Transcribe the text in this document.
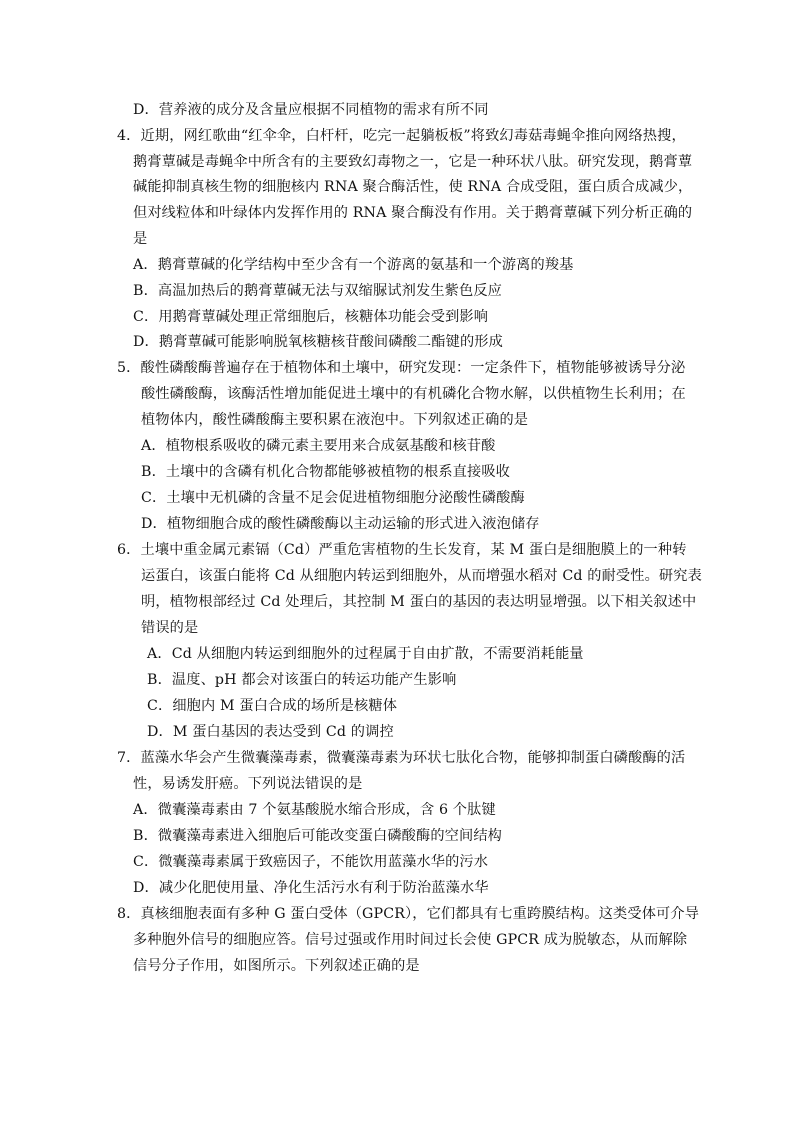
D．营养液的成分及含量应根据不同植物的需求有所不同
4．近期，网红歌曲“红伞伞，白杆杆，吃完一起躺板板”将致幻毒菇毒蝇伞推向网络热搜，
鹅膏蕈碱是毒蝇伞中所含有的主要致幻毒物之一，它是一种环状八肽。研究发现，鹅膏蕈
碱能抑制真核生物的细胞核内 RNA 聚合酶活性，使 RNA 合成受阻，蛋白质合成减少，
但对线粒体和叶绿体内发挥作用的 RNA 聚合酶没有作用。关于鹅膏蕈碱下列分析正确的
是
A．鹅膏蕈碱的化学结构中至少含有一个游离的氨基和一个游离的羧基
B．高温加热后的鹅膏蕈碱无法与双缩脲试剂发生紫色反应
C．用鹅膏蕈碱处理正常细胞后，核糖体功能会受到影响
D．鹅膏蕈碱可能影响脱氧核糖核苷酸间磷酸二酯键的形成
5．酸性磷酸酶普遍存在于植物体和土壤中，研究发现：一定条件下，植物能够被诱导分泌
酸性磷酸酶，该酶活性增加能促进土壤中的有机磷化合物水解，以供植物生长利用；在
植物体内，酸性磷酸酶主要积累在液泡中。下列叙述正确的是
A．植物根系吸收的磷元素主要用来合成氨基酸和核苷酸
B．土壤中的含磷有机化合物都能够被植物的根系直接吸收
C．土壤中无机磷的含量不足会促进植物细胞分泌酸性磷酸酶
D．植物细胞合成的酸性磷酸酶以主动运输的形式进入液泡储存
6．土壤中重金属元素镉（Cd）严重危害植物的生长发育，某 M 蛋白是细胞膜上的一种转
运蛋白，该蛋白能将 Cd 从细胞内转运到细胞外，从而增强水稻对 Cd 的耐受性。研究表
明，植物根部经过 Cd 处理后，其控制 M 蛋白的基因的表达明显增强。以下相关叙述中
错误的是
A．Cd 从细胞内转运到细胞外的过程属于自由扩散，不需要消耗能量
B．温度、pH 都会对该蛋白的转运功能产生影响
C．细胞内 M 蛋白合成的场所是核糖体
D．M 蛋白基因的表达受到 Cd 的调控
7．蓝藻水华会产生微囊藻毒素，微囊藻毒素为环状七肽化合物，能够抑制蛋白磷酸酶的活
性，易诱发肝癌。下列说法错误的是
A．微囊藻毒素由 7 个氨基酸脱水缩合形成，含 6 个肽键
B．微囊藻毒素进入细胞后可能改变蛋白磷酸酶的空间结构
C．微囊藻毒素属于致癌因子，不能饮用蓝藻水华的污水
D．减少化肥使用量、净化生活污水有利于防治蓝藻水华
8．真核细胞表面有多种 G 蛋白受体（GPCR），它们都具有七重跨膜结构。这类受体可介导
多种胞外信号的细胞应答。信号过强或作用时间过长会使 GPCR 成为脱敏态，从而解除
信号分子作用，如图所示。下列叙述正确的是
